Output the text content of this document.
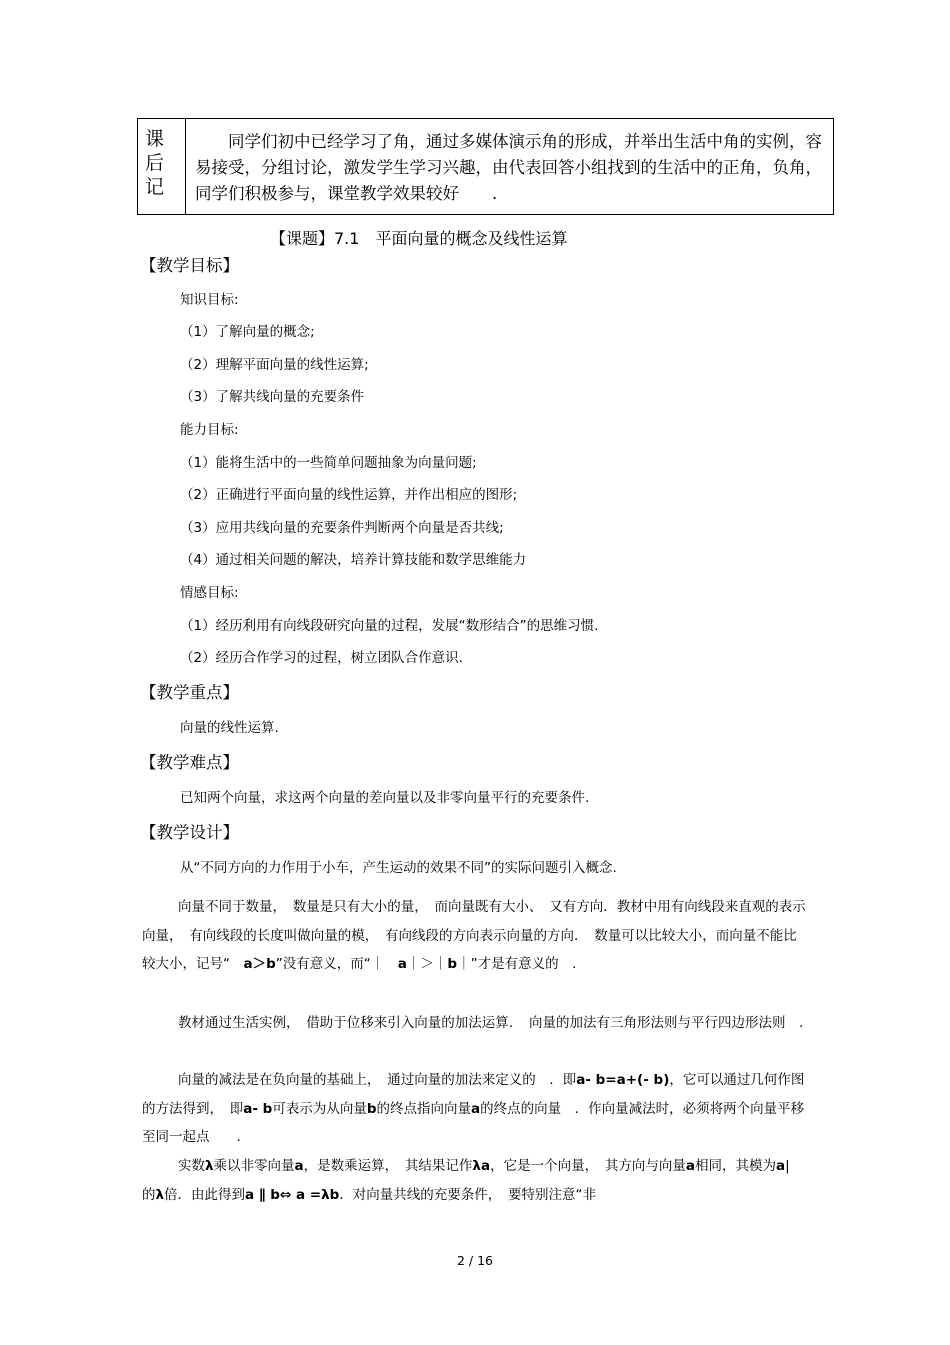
课
后
记
同学们初中已经学习了角，通过多媒体演示角的形成，并举出生活中角的实例，容易接受，分组讨论，激发学生学习兴趣，由代表回答小组找到的生活中的正角，负角，同学们积极参与，课堂教学效果较好　　.
【课题】7.1　平面向量的概念及线性运算
【教学目标】
知识目标:
（1）了解向量的概念;
（2）理解平面向量的线性运算;
（3）了解共线向量的充要条件
能力目标:
（1）能将生活中的一些简单问题抽象为向量问题;
（2）正确进行平面向量的线性运算，并作出相应的图形;
（3）应用共线向量的充要条件判断两个向量是否共线;
（4）通过相关问题的解决，培养计算技能和数学思维能力
情感目标:
（1）经历利用有向线段研究向量的过程，发展“数形结合”的思维习惯.
（2）经历合作学习的过程，树立团队合作意识.
【教学重点】
向量的线性运算.
【教学难点】
已知两个向量，求这两个向量的差向量以及非零向量平行的充要条件.
【教学设计】
从“不同方向的力作用于小车，产生运动的效果不同”的实际问题引入概念.
向量不同于数量，　数量是只有大小的量，　而向量既有大小、　又有方向．教材中用有向线段来直观的表示向量，　有向线段的长度叫做向量的模，　有向线段的方向表示向量的方向．　数量可以比较大小，而向量不能比较大小，记号“　a＞b”没有意义，而“｜　a｜＞｜b｜”才是有意义的　.
教材通过生活实例，　借助于位移来引入向量的加法运算．　向量的加法有三角形法则与平行四边形法则　.
向量的减法是在负向量的基础上，　通过向量的加法来定义的　．即a- b=a+(- b)，它可以通过几何作图的方法得到，　即a- b可表示为从向量b的终点指向向量a的终点的向量　．作向量减法时，必须将两个向量平移至同一起点　　.
实数λ乘以非零向量a，是数乘运算，　其结果记作λa，它是一个向量，　其方向与向量a相同，其模为a| 的λ倍．由此得到a ∥ b⇔ a =λb．对向量共线的充要条件，　要特别注意“非
2 / 16
